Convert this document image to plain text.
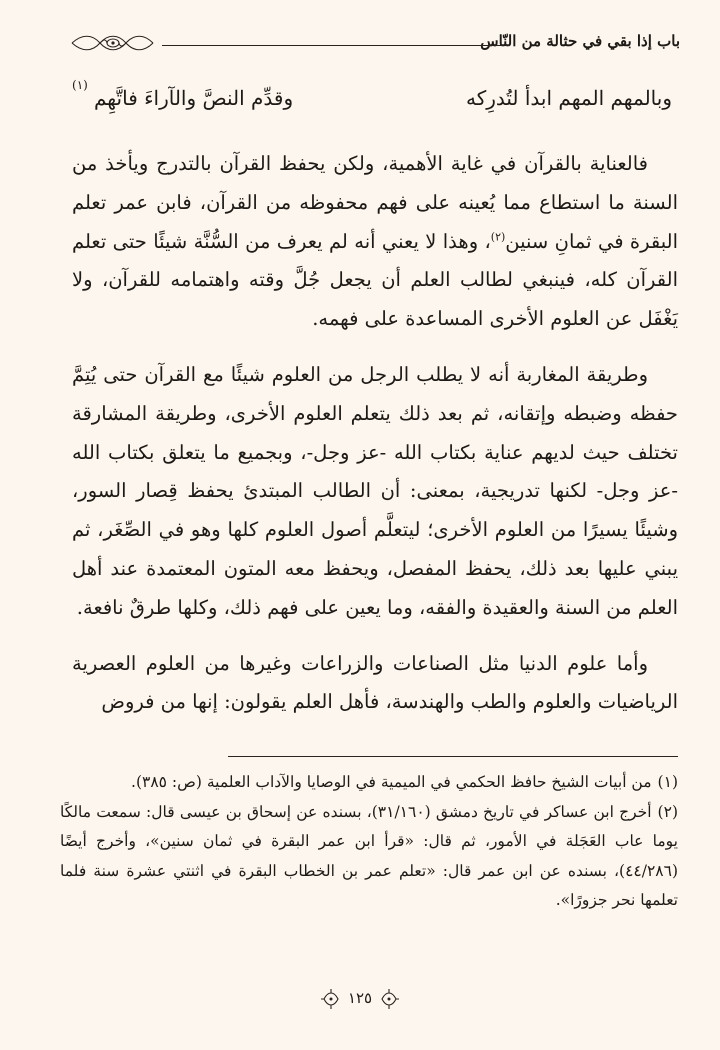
باب إذا بقي في حثالة من النّاس
وبالمهم المهم ابدأ لتُدرِكه
وقدِّم النصَّ والآراءَ فاتَّهِم
(١)

فالعناية بالقرآن في غاية الأهمية، ولكن يحفظ القرآن بالتدرج ويأخذ من السنة ما استطاع مما يُعينه على فهم محفوظه من القرآن، فابن عمر تعلم البقرة في ثمانِ سنين$^{(٢)}$، وهذا لا يعني أنه لم يعرف من السُّنَّة شيئًا حتى تعلم القرآن كله، فينبغي لطالب العلم أن يجعل جُلَّ وقته واهتمامه للقرآن، ولا يَغْفَل عن العلوم الأخرى المساعدة على فهمه.

وطريقة المغاربة أنه لا يطلب الرجل من العلوم شيئًا مع القرآن حتى يُتِمَّ حفظه وضبطه وإتقانه، ثم بعد ذلك يتعلم العلوم الأخرى، وطريقة المشارقة تختلف حيث لديهم عناية بكتاب الله -عز وجل-، وبجميع ما يتعلق بكتاب الله -عز وجل- لكنها تدريجية، بمعنى: أن الطالب المبتدئ يحفظ قِصار السور، وشيئًا يسيرًا من العلوم الأخرى؛ ليتعلَّم أصول العلوم كلها وهو في الصِّغَر، ثم يبني عليها بعد ذلك، يحفظ المفصل، ويحفظ معه المتون المعتمدة عند أهل العلم من السنة والعقيدة والفقه، وما يعين على فهم ذلك، وكلها طرقٌ نافعة.

وأما علوم الدنيا مثل الصناعات والزراعات وغيرها من العلوم العصرية الرياضيات والعلوم والطب والهندسة، فأهل العلم يقولون: إنها من فروض

(١)من أبيات الشيخ حافظ الحكمي في الميمية في الوصايا والآداب العلمية (ص: ٣٨٥).

(٢)أخرج ابن عساكر في تاريخ دمشق (٣١/١٦٠)، بسنده عن إسحاق بن عيسى قال: سمعت مالكًا يوما عاب العَجَلة في الأمور، ثم قال: «قرأ ابن عمر البقرة في ثمان سنين»، وأخرج أيضًا (٤٤/٢٨٦)، بسنده عن ابن عمر قال: «تعلم عمر بن الخطاب البقرة في اثنتي عشرة سنة فلما تعلمها نحر جزورًا».

١٢٥
